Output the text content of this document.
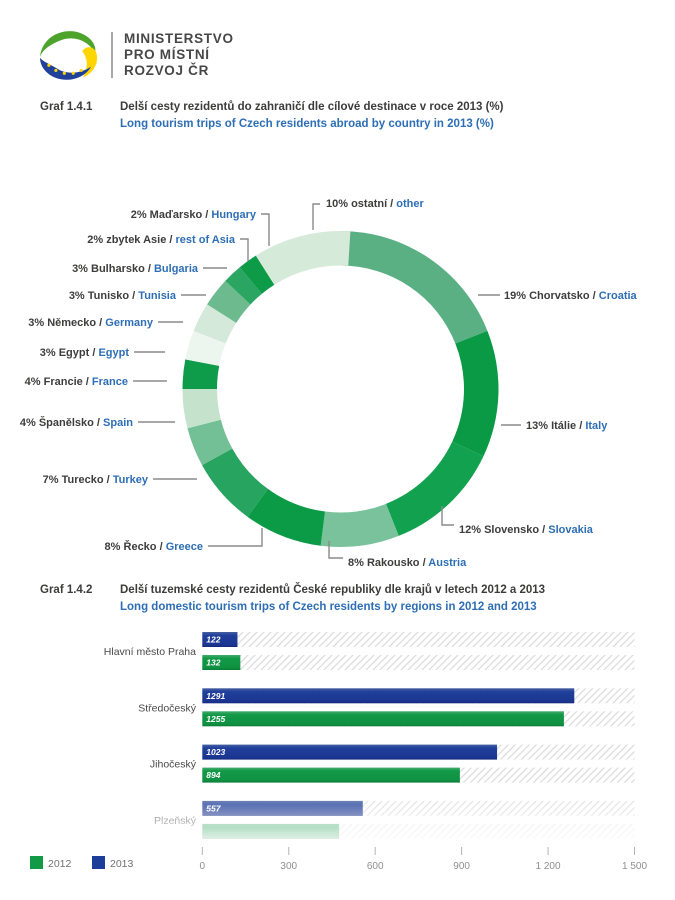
MINISTERSTVO
PRO MÍSTNÍ
ROZVOJ ČR
Graf 1.4.1	Delší cesty rezidentů do zahraničí dle cílové destinace v roce 2013 (%)
Long tourism trips of Czech residents abroad by country in 2013 (%)
19% Chorvatsko / Croatia
13% Itálie / Italy
12% Slovensko / Slovakia
8% Rakousko / Austria
8% Řecko / Greece
7% Turecko / Turkey
4% Španělsko / Spain
4% Francie / France
3% Egypt / Egypt
3% Německo / Germany
3% Tunisko / Tunisia
3% Bulharsko / Bulgaria
2% zbytek Asie / rest of Asia
2% Maďarsko / Hungary
10% ostatní / other
Graf 1.4.2	Delší tuzemské cesty rezidentů České republiky dle krajů v letech 2012 a 2013
Long domestic tourism trips of Czech residents by regions in 2012 and 2013
122
132
Hlavní město Praha
1291
1255
Středočeský
1023
894
Jihočeský
0	300	600	900	1 200	1 500
2012	2013
